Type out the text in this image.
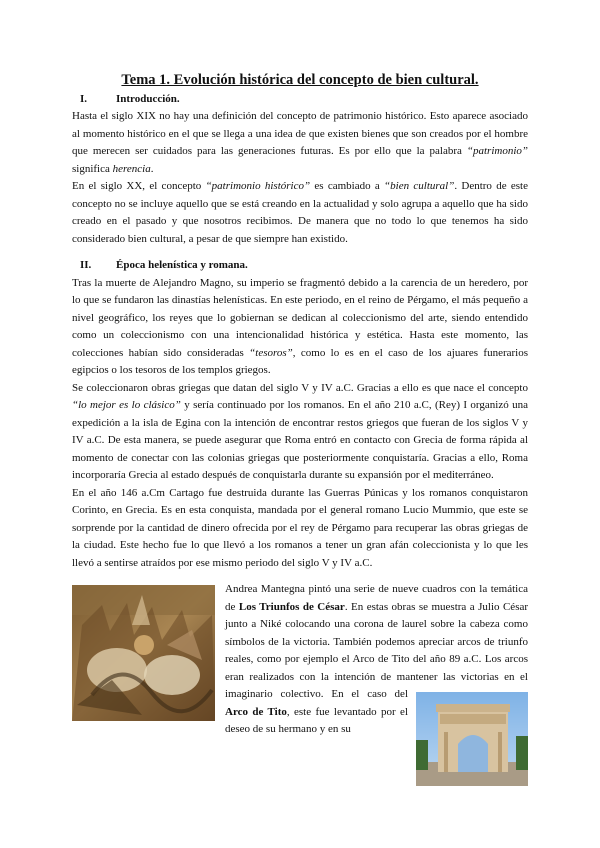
Tema 1. Evolución histórica del concepto de bien cultural.
I.	Introducción.

Hasta el siglo XIX no hay una definición del concepto de patrimonio histórico. Esto aparece asociado al momento histórico en el que se llega a una idea de que existen bienes que son creados por el hombre que merecen ser cuidados para las generaciones futuras. Es por ello que la palabra “patrimonio” significa herencia.

En el siglo XX, el concepto “patrimonio histórico” es cambiado a “bien cultural”. Dentro de este concepto no se incluye aquello que se está creando en la actualidad y solo agrupa a aquello que ha sido creado en el pasado y que nosotros recibimos. De manera que no todo lo que tenemos ha sido considerado bien cultural, a pesar de que siempre han existido.

II.	Época helenística y romana.

Tras la muerte de Alejandro Magno, su imperio se fragmentó debido a la carencia de un heredero, por lo que se fundaron las dinastías helenísticas. En este periodo, en el reino de Pérgamo, el más pequeño a nivel geográfico, los reyes que lo gobiernan se dedican al coleccionismo del arte, siendo entendido como un coleccionismo con una intencionalidad histórica y estética. Hasta este momento, las colecciones habían sido consideradas “tesoros”, como lo es en el caso de los ajuares funerarios egipcios o los tesoros de los templos griegos.

Se coleccionaron obras griegas que datan del siglo V y IV a.C. Gracias a ello es que nace el concepto “lo mejor es lo clásico” y sería continuado por los romanos. En el año 210 a.C, (Rey) I organizó una expedición a la isla de Egina con la intención de encontrar restos griegos que fueran de los siglos V y IV a.C. De esta manera, se puede asegurar que Roma entró en contacto con Grecia de forma rápida al momento de conectar con las colonias griegas que posteriormente conquistaría. Gracias a ello, Roma incorporaría Grecia al estado después de conquistarla durante su expansión por el mediterráneo.

En el año 146 a.Cm Cartago fue destruida durante las Guerras Púnicas y los romanos conquistaron Corinto, en Grecia. Es en esta conquista, mandada por el general romano Lucio Mummio, que este se sorprende por la cantidad de dinero ofrecida por el rey de Pérgamo para recuperar las obras griegas de la ciudad. Este hecho fue lo que llevó a los romanos a tener un gran afán coleccionista y lo que les llevó a sentirse atraídos por ese mismo periodo del siglo V y IV a.C.

Andrea Mantegna pintó una serie de nueve cuadros con la temática de Los Triunfos de César. En estas obras se muestra a Julio César junto a Niké colocando una corona de laurel sobre la cabeza como símbolos de la victoria. También podemos apreciar arcos de triunfo reales, como por ejemplo el Arco de Tito del año 89 a.C. Los arcos eran realizados con la intención de mantener las victorias en el imaginario colectivo. En el caso del
Arco de Tito, este fue levantado por el deseo de su hermano y en su
